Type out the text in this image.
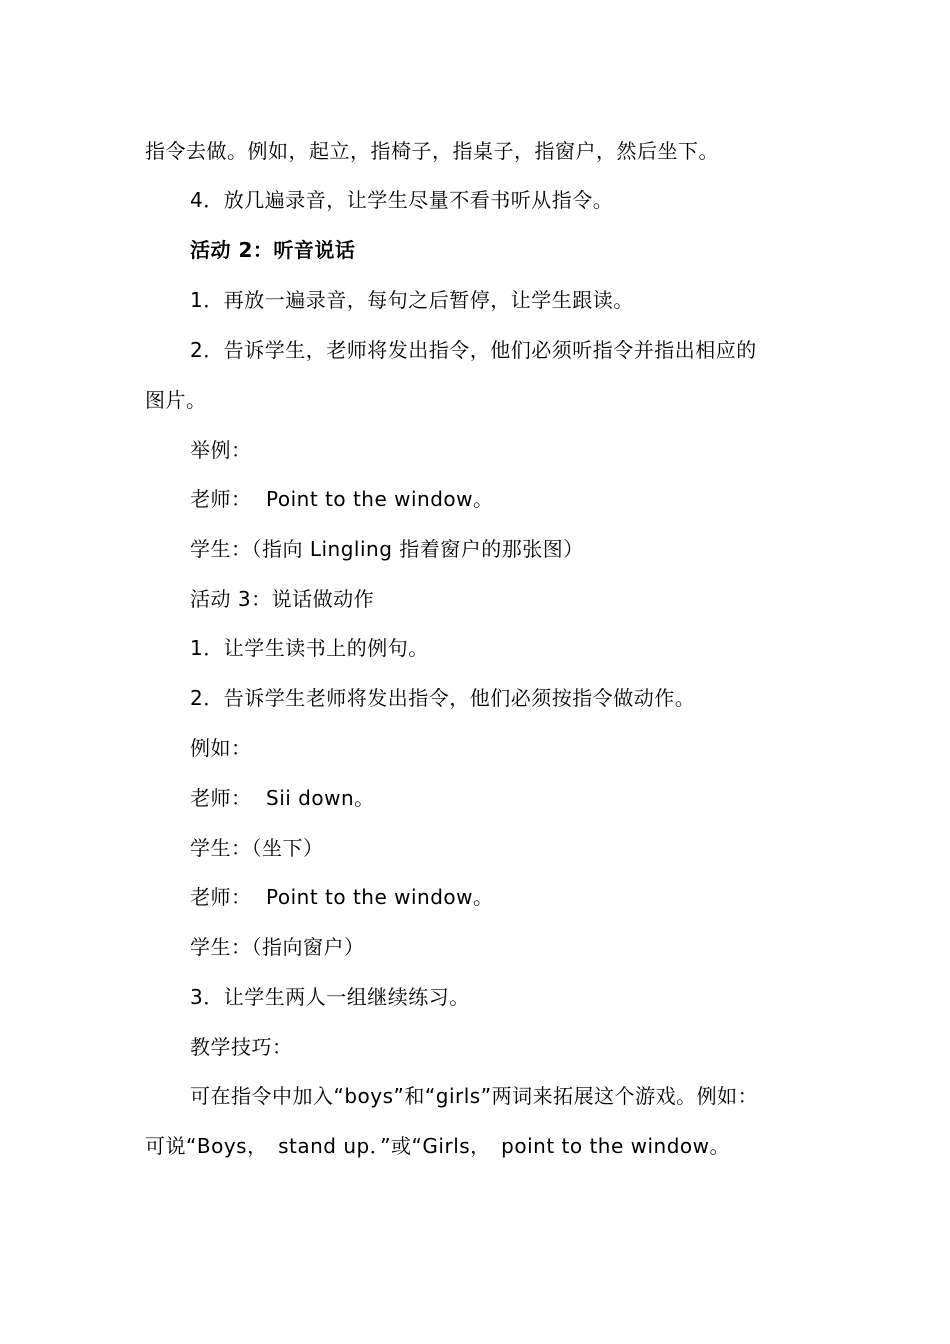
指令去做。例如，起立，指椅子，指桌子，指窗户，然后坐下。
4．放几遍录音，让学生尽量不看书听从指令。
活动 2：听音说话
1．再放一遍录音，每句之后暂停，让学生跟读。
2．告诉学生，老师将发出指令，他们必须听指令并指出相应的
图片。
举例：
老师： Point to the window。
学生：（指向 Lingling 指着窗户的那张图）
活动 3：说话做动作
1．让学生读书上的例句。
2．告诉学生老师将发出指令，他们必须按指令做动作。
例如：
老师： Sii down。
学生：（坐下）
老师： Point to the window。
学生：（指向窗户）
3．让学生两人一组继续练习。
教学技巧：
可在指令中加入“boys”和“girls”两词来拓展这个游戏。例如：
可说“Boys，　stand up．”或“Girls，　point to the window。
